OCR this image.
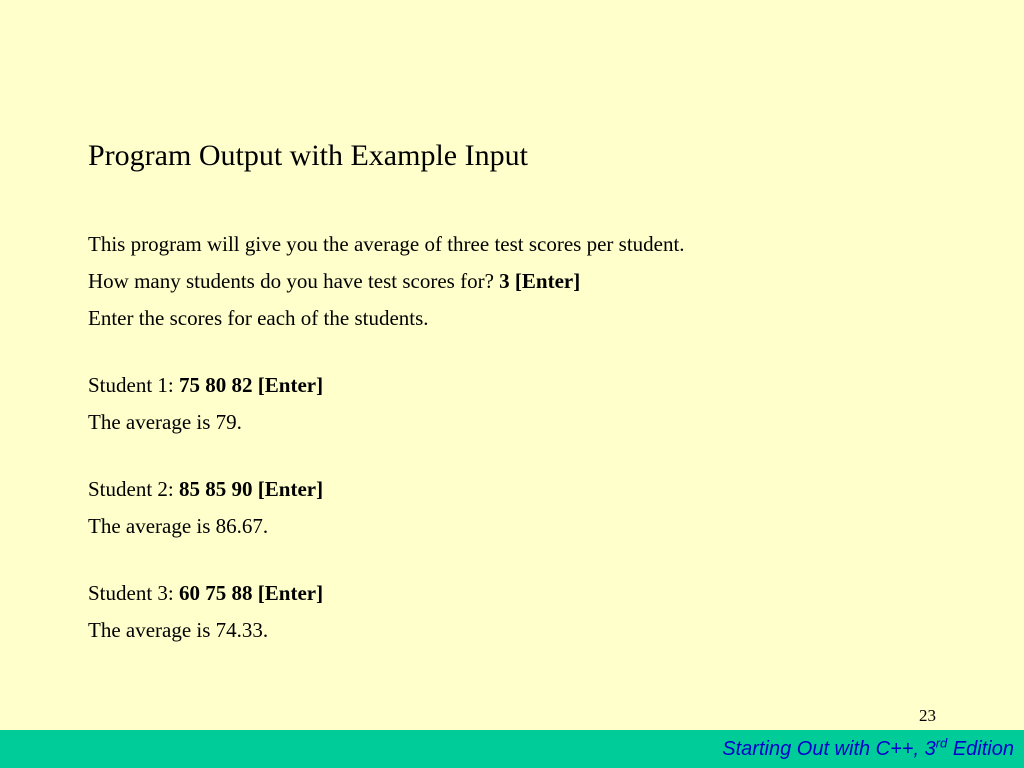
Program Output with Example Input
This program will give you the average of three test scores per student.
How many students do you have test scores for? 3 [Enter]
Enter the scores for each of the students.
Student 1: 75 80 82 [Enter]
The average is 79.
Student 2: 85 85 90 [Enter]
The average is 86.67.
Student 3: 60 75 88 [Enter]
The average is 74.33.
23
Starting Out with C++, 3rd Edition
